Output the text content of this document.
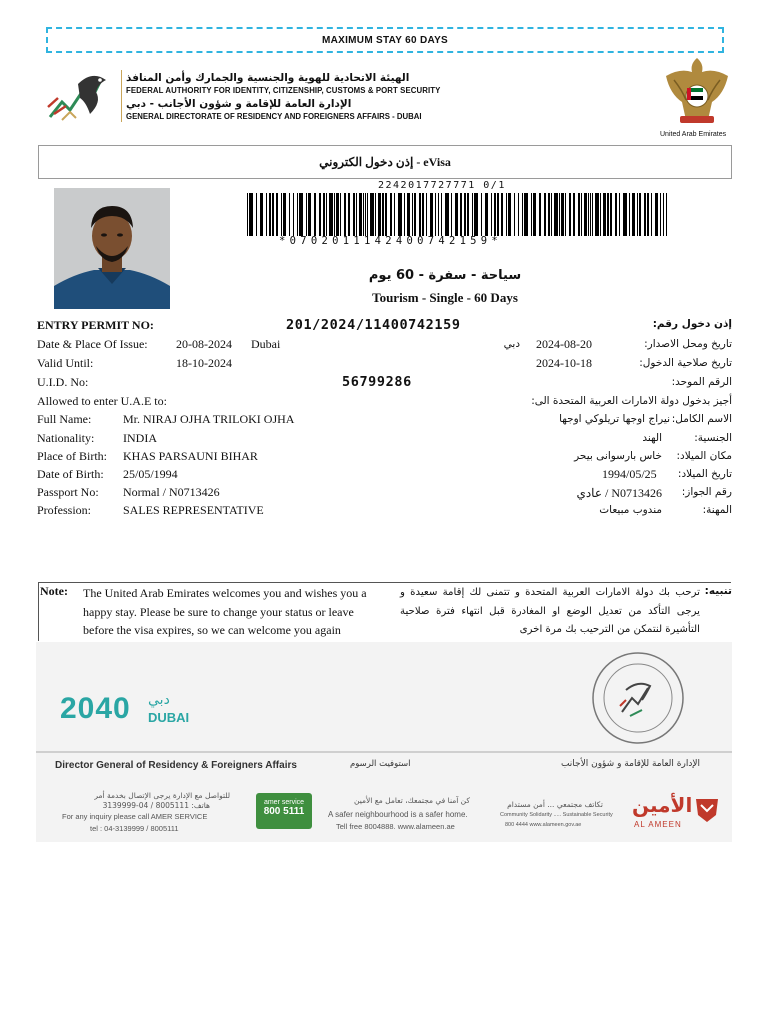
MAXIMUM STAY 60 DAYS
الهيئة الاتحادية للهوية والجنسية والجمارك وأمن المنافذ
FEDERAL AUTHORITY FOR IDENTITY, CITIZENSHIP, CUSTOMS & PORT SECURITY
الإدارة العامة للإقامة و شؤون الأجانب - دبي
GENERAL DIRECTORATE OF RESIDENCY AND FOREIGNERS AFFAIRS - DUBAI
United Arab Emirates
إذن دخول الكتروني - eVisa
2242017727771 0/1
*0702011142400742159*
سياحة - سفرة - 60 يوم
Tourism - Single - 60 Days
ENTRY PERMIT NO:	201/2024/11400742159	إذن دخول رقم:
Date & Place Of Issue: 20-08-2024 Dubai	دبي 2024-08-20	تاريخ ومحل الاصدار:
Valid Until:	18-10-2024	2024-10-18	تاريخ صلاحية الدخول:
U.I.D. No:	56799286	الرقم الموحد:
Allowed to enter U.A.E to:	أجيز بدخول دولة الامارات العربية المتحدة الى:
Full Name:	Mr. NIRAJ OJHA TRILOKI OJHA	نيراج اوجها تريلوكي اوجها الاسم الكامل:
Nationality: INDIA	الهند	الجنسية:
Place of Birth: KHAS PARSAUNI BIHAR	خاس بارسوانى بيحر	مكان الميلاد:
Date of Birth: 25/05/1994	1994/05/25	تاريخ الميلاد:
Passport No: Normal / N0713426	N0713426 / عادي	رقم الجواز:
Profession:	SALES REPRESENTATIVE	مندوب مبيعات	المهنة:
Note: The United Arab Emirates welcomes you and wishes you a happy stay. Please be sure to change your status or leave before the visa expires, so we can welcome you again
ترحب بك دولة الامارات العربية المتحدة و تتمنى لك إقامة سعيدة و يرجى التأكد من تعديل الوضع او المغادرة قبل انتهاء فترة صلاحية التأشيرة لنتمكن من الترحيب بك مرة اخرى
تنبيه:
2040 دبي
DUBAI
Director General of Residency & Foreigners Affairs	استوفيت الرسوم	الإدارة العامة للإقامة و شؤون الأجانب
للتواصل مع الإدارة يرجى الإتصال بخدمة أمر
هاتف: 8005111 / 04-3139999
For any inquiry please call AMER SERVICE
tel : 04-3139999 / 8005111
amer service
800 5111
كن آمنا في مجتمعك، تعامل مع الأمين
A safer neighbourhood is a safer home.
Tell free 8004888. www.alameen.ae
تكاتف مجتمعي ... أمن مستدام
Community Solidarity ..... Sustainable Security
800 4444 www.alameen.gov.ae
الأمين
AL AMEEN
